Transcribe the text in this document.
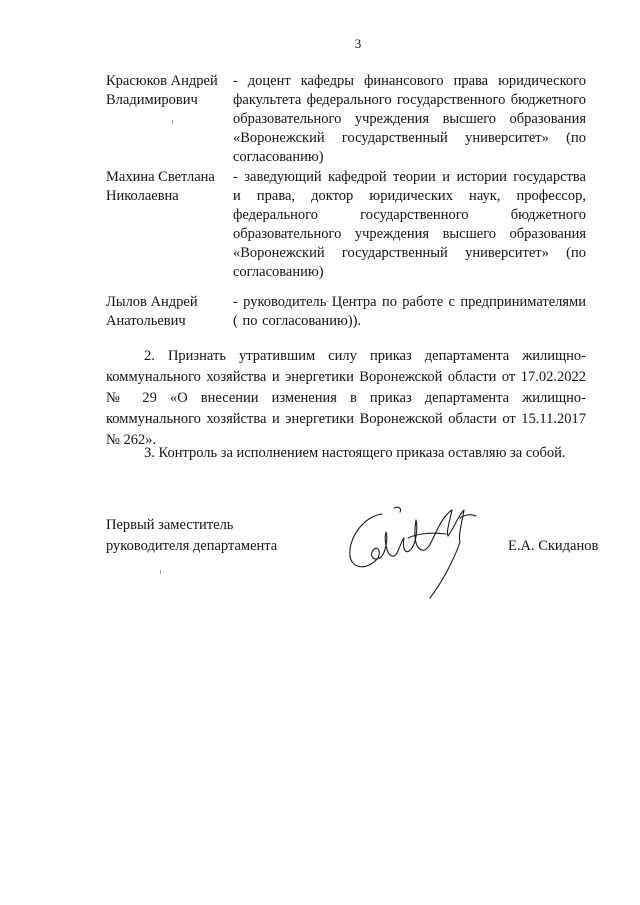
3
Красюков Андрей Владимирович
- доцент кафедры финансового права юридического факультета федерального государственного бюджетного образовательного учреждения высшего образования «Воронежский государственный университет» (по согласованию)
Махина Светлана Николаевна
- заведующий кафедрой теории и истории государства и права, доктор юридических наук, профессор, федерального государственного бюджетного образовательного учреждения высшего образования «Воронежский государственный университет» (по согласованию)
Лылов Андрей Анатольевич
- руководитель Центра по работе с предпринимателями ( по согласованию)).

2. Признать утратившим силу приказ департамента жилищно-коммунального хозяйства и энергетики Воронежской области от 17.02.2022 № 29 «О внесении изменения в приказ департамента жилищно-коммунального хозяйства и энергетики Воронежской области от 15.11.2017 № 262».

3. Контроль за исполнением настоящего приказа оставляю за собой.

Первый заместитель
руководителя департамента	Е.А. Скиданов
